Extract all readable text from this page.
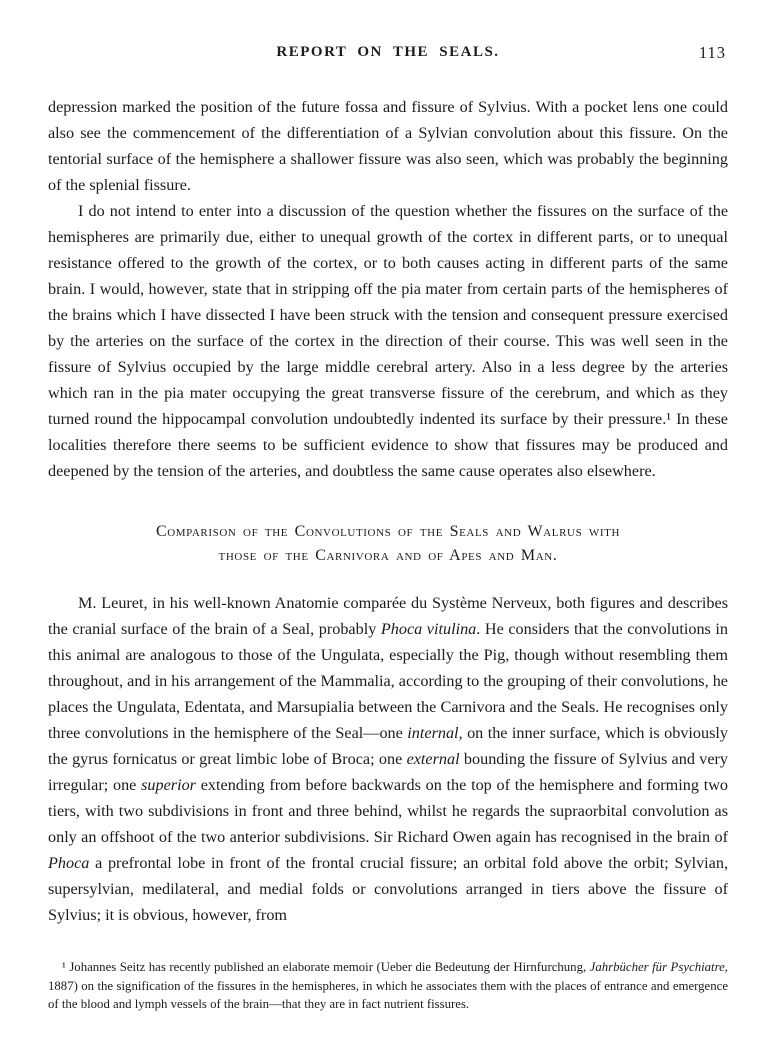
REPORT ON THE SEALS.	113

depression marked the position of the future fossa and fissure of Sylvius. With a pocket lens one could also see the commencement of the differentiation of a Sylvian convolution about this fissure. On the tentorial surface of the hemisphere a shallower fissure was also seen, which was probably the beginning of the splenial fissure.

I do not intend to enter into a discussion of the question whether the fissures on the surface of the hemispheres are primarily due, either to unequal growth of the cortex in different parts, or to unequal resistance offered to the growth of the cortex, or to both causes acting in different parts of the same brain. I would, however, state that in stripping off the pia mater from certain parts of the hemispheres of the brains which I have dissected I have been struck with the tension and consequent pressure exercised by the arteries on the surface of the cortex in the direction of their course. This was well seen in the fissure of Sylvius occupied by the large middle cerebral artery. Also in a less degree by the arteries which ran in the pia mater occupying the great transverse fissure of the cerebrum, and which as they turned round the hippocampal convolution undoubtedly indented its surface by their pressure.¹ In these localities therefore there seems to be sufficient evidence to show that fissures may be produced and deepened by the tension of the arteries, and doubtless the same cause operates also elsewhere.

Comparison of the Convolutions of the Seals and Walrus with
those of the Carnivora and of Apes and Man.

M. Leuret, in his well-known Anatomie comparée du Système Nerveux, both figures and describes the cranial surface of the brain of a Seal, probably Phoca vitulina. He considers that the convolutions in this animal are analogous to those of the Ungulata, especially the Pig, though without resembling them throughout, and in his arrangement of the Mammalia, according to the grouping of their convolutions, he places the Ungulata, Edentata, and Marsupialia between the Carnivora and the Seals. He recognises only three convolutions in the hemisphere of the Seal—one internal, on the inner surface, which is obviously the gyrus fornicatus or great limbic lobe of Broca; one external bounding the fissure of Sylvius and very irregular; one superior extending from before backwards on the top of the hemisphere and forming two tiers, with two subdivisions in front and three behind, whilst he regards the supraorbital convolution as only an offshoot of the two anterior subdivisions. Sir Richard Owen again has recognised in the brain of Phoca a prefrontal lobe in front of the frontal crucial fissure; an orbital fold above the orbit; Sylvian, supersylvian, medilateral, and medial folds or convolutions arranged in tiers above the fissure of Sylvius; it is obvious, however, from

¹ Johannes Seitz has recently published an elaborate memoir (Ueber die Bedeutung der Hirnfurchung, Jahrbücher für Psychiatre, 1887) on the signification of the fissures in the hemispheres, in which he associates them with the places of entrance and emergence of the blood and lymph vessels of the brain—that they are in fact nutrient fissures.
